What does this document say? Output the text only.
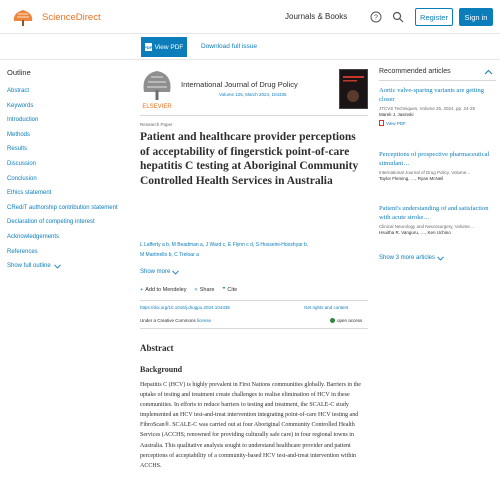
ScienceDirect	Journals & Books	?	Register	Sign in
PDF View PDF	Download full issue
Outline
Abstract
Keywords
Introduction
Methods
Results
Discussion
Conclusion
Ethics statement
CRediT authorship contribution statement
Declaration of competing interest
Acknowledgements
References
Show full outline
ELSEVIER
International Journal of Drug Policy
Volume 125, March 2024, 104335
Research Paper
Patient and healthcare provider perceptions of acceptability of fingerstick point-of-care hepatitis C testing at Aboriginal Community Controlled Health Services in Australia
L Lafferty a b, M Beadman a, J Ward c, E Flynn c d, S Hosseini-Hooshyar b,
M Martinello b, C Treloar a
Show more
+ Add to Mendeley < Share ❞ Cite
https://doi.org/10.1016/j.drugpo.2024.104335	Get rights and content
Under a Creative Commons license	open access
Abstract
Background

Hepatitis C (HCV) is highly prevalent in First Nations communities globally. Barriers in the uptake of testing and treatment create challenges to realise elimination of HCV in these communities. In efforts to reduce barriers to testing and treatment, the SCALE-C study implemented an HCV test-and-treat intervention integrating point-of-care HCV testing and FibroScan®. SCALE-C was carried out at four Aboriginal Community Controlled Health Services (ACCHS; renowned for providing culturally safe care) in four regional towns in Australia. This qualitative analysis sought to understand healthcare provider and patient perceptions of acceptability of a community-based HCV test-and-treat intervention within ACCHS.

Recommended articles
Aortic valve-sparing variants are getting closer
JTCVS Techniques, Volume 25, 2024, pp. 24-25
Marek J. Jasinski
View PDF
Perceptions of prospective pharmaceutical stimulant…
International Journal of Drug Policy, Volume…
Taylor Fleming, …, Ryan McNeil
Patient's understanding of and satisfaction with acute stroke…
Clinical Neurology and Neurosurgery, Volume…
Hsuitha R. Vanguru, …, Ken Uchino
Show 3 more articles
